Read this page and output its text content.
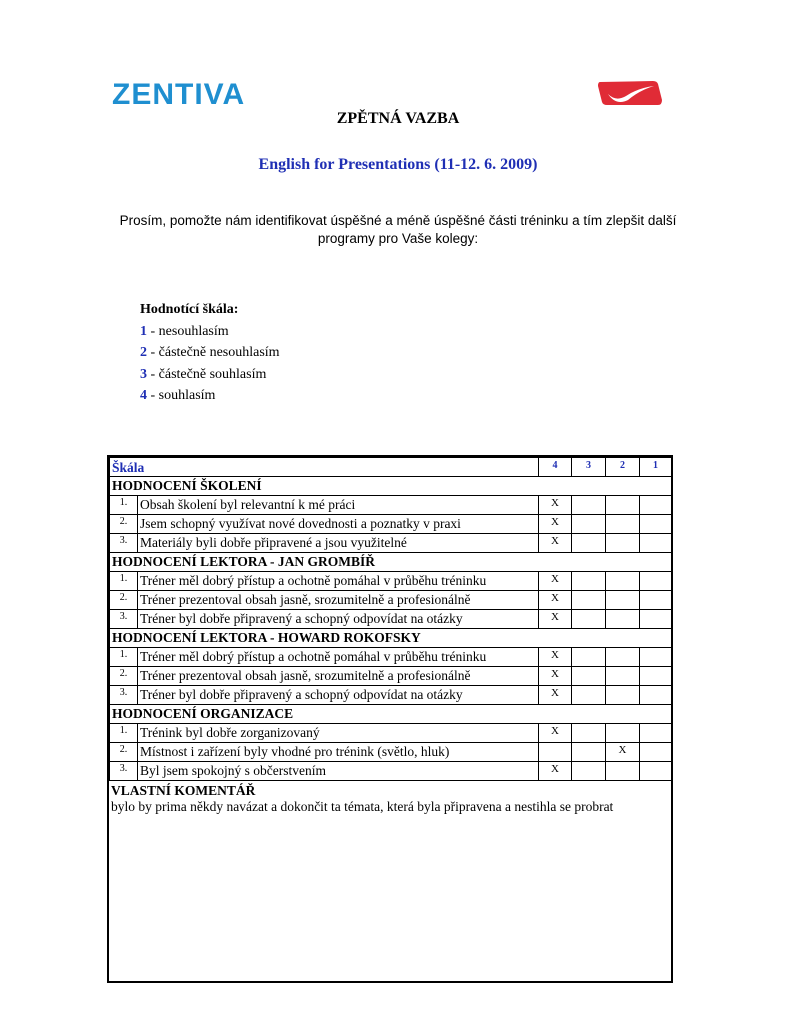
ZENTIVA
ZPĚTNÁ VAZBA
English for Presentations (11-12. 6. 2009)
Prosím, pomožte nám identifikovat úspěšné a méně úspěšné části tréninku a tím zlepšit další programy pro Vaše kolegy:
Hodnotící škála:
1 - nesouhlasím
2 - částečně nesouhlasím
3 - částečně souhlasím
4 - souhlasím
Škála		4	3	2	1
HODNOCENÍ ŠKOLENÍ					
1.	Obsah školení byl relevantní k mé práci	X			
2.	Jsem schopný využívat nové dovednosti a poznatky v praxi	X			
3.	Materiály byli dobře připravené a jsou využitelné	X			
HODNOCENÍ LEKTORA - JAN GROMBÍŘ					
1.	Tréner měl dobrý přístup a ochotně pomáhal v průběhu tréninku	X			
2.	Tréner prezentoval obsah jasně, srozumitelně a profesionálně	X			
3.	Tréner byl dobře připravený a schopný odpovídat na otázky	X			
HODNOCENÍ LEKTORA - HOWARD ROKOFSKY					
1.	Tréner měl dobrý přístup a ochotně pomáhal v průběhu tréninku	X			
2.	Tréner prezentoval obsah jasně, srozumitelně a profesionálně	X			
3.	Tréner byl dobře připravený a schopný odpovídat na otázky	X			
HODNOCENÍ ORGANIZACE					
1.	Trénink byl dobře zorganizovaný	X			
2.	Místnost i zařízení byly vhodné pro trénink (světlo, hluk)			X	
3.	Byl jsem spokojný s občerstvením	X			
VLASTNÍ KOMENTÁŘ
bylo by prima někdy navázat a dokončit ta témata, která byla připravena a nestihla se probrat
